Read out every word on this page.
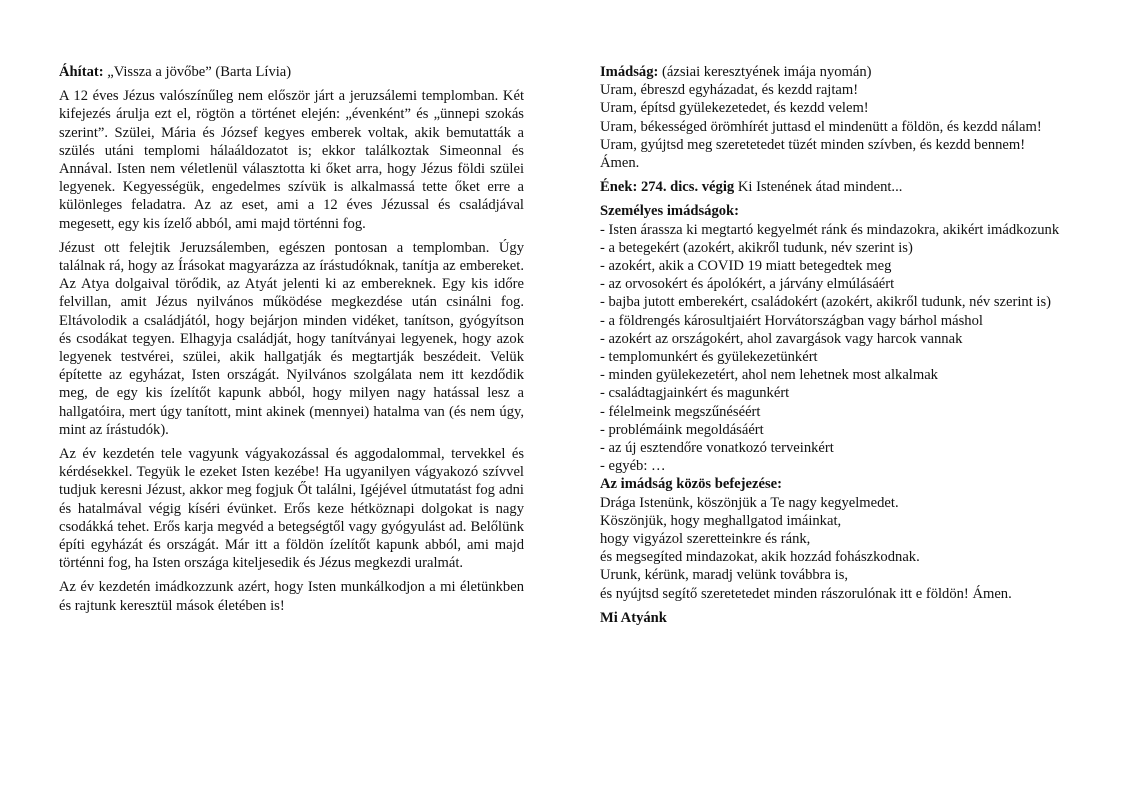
Áhítat: „Vissza a jövőbe” (Barta Lívia)

A 12 éves Jézus valószínűleg nem először járt a jeruzsálemi templomban. Két kifejezés árulja ezt el, rögtön a történet elején: „évenként” és „ünnepi szokás szerint”. Szülei, Mária és József kegyes emberek voltak, akik bemutatták a szülés utáni templomi hálaáldozatot is; ekkor találkoztak Simeonnal és Annával. Isten nem véletlenül választotta ki őket arra, hogy Jézus földi szülei legyenek. Kegyességük, engedelmes szívük is alkalmassá tette őket erre a különleges feladatra. Az az eset, ami a 12 éves Jézussal és családjával megesett, egy kis ízelő abból, ami majd történni fog.

Jézust ott felejtik Jeruzsálemben, egészen pontosan a templomban. Úgy találnak rá, hogy az Írásokat magyarázza az írástudóknak, tanítja az embereket. Az Atya dolgaival törődik, az Atyát jelenti ki az embereknek. Egy kis időre felvillan, amit Jézus nyilvános működése megkezdése után csinálni fog. Eltávolodik a családjától, hogy bejárjon minden vidéket, tanítson, gyógyítson és csodákat tegyen. Elhagyja családját, hogy tanítványai legyenek, hogy azok legyenek testvérei, szülei, akik hallgatják és megtartják beszédeit. Velük építette az egyházat, Isten országát. Nyilvános szolgálata nem itt kezdődik meg, de egy kis ízelítőt kapunk abból, hogy milyen nagy hatással lesz a hallgatóira, mert úgy tanított, mint akinek (mennyei) hatalma van (és nem úgy, mint az írástudók).

Az év kezdetén tele vagyunk vágyakozással és aggodalommal, tervekkel és kérdésekkel. Tegyük le ezeket Isten kezébe! Ha ugyanilyen vágyakozó szívvel tudjuk keresni Jézust, akkor meg fogjuk Őt találni, Igéjével útmutatást fog adni és hatalmával végig kíséri évünket. Erős keze hétköznapi dolgokat is nagy csodákká tehet. Erős karja megvéd a betegségtől vagy gyógyulást ad. Belőlünk építi egyházát és országát. Már itt a földön ízelítőt kapunk abból, ami majd történni fog, ha Isten országa kiteljesedik és Jézus megkezdi uralmát.

Az év kezdetén imádkozzunk azért, hogy Isten munkálkodjon a mi életünkben és rajtunk keresztül mások életében is!

Imádság: (ázsiai keresztyének imája nyomán)

Uram, ébreszd egyházadat, és kezdd rajtam!

Uram, építsd gyülekezetedet, és kezdd velem!

Uram, békességed örömhírét juttasd el mindenütt a földön, és kezdd nálam!

Uram, gyújtsd meg szeretetedet tüzét minden szívben, és kezdd bennem!

Ámen.

Ének: 274. dics. végig Ki Istenének átad mindent...

Személyes imádságok:

- Isten árassza ki megtartó kegyelmét ránk és mindazokra, akikért imádkozunk

- a betegekért (azokért, akikről tudunk, név szerint is)

- azokért, akik a COVID 19 miatt betegedtek meg

- az orvosokért és ápolókért, a járvány elmúlásáért

- bajba jutott emberekért, családokért (azokért, akikről tudunk, név szerint is)

- a földrengés károsultjaiért Horvátországban vagy bárhol máshol

- azokért az országokért, ahol zavargások vagy harcok vannak

- templomunkért és gyülekezetünkért

- minden gyülekezetért, ahol nem lehetnek most alkalmak

- családtagjainkért és magunkért

- félelmeink megszűnéséért

- problémáink megoldásáért

- az új esztendőre vonatkozó terveinkért

- egyéb: …

Az imádság közös befejezése:

Drága Istenünk, köszönjük a Te nagy kegyelmedet.

Köszönjük, hogy meghallgatod imáinkat,

hogy vigyázol szeretteinkre és ránk,

és megsegíted mindazokat, akik hozzád fohászkodnak.

Urunk, kérünk, maradj velünk továbbra is,

és nyújtsd segítő szeretetedet minden rászorulónak itt e földön! Ámen.

Mi Atyánk
